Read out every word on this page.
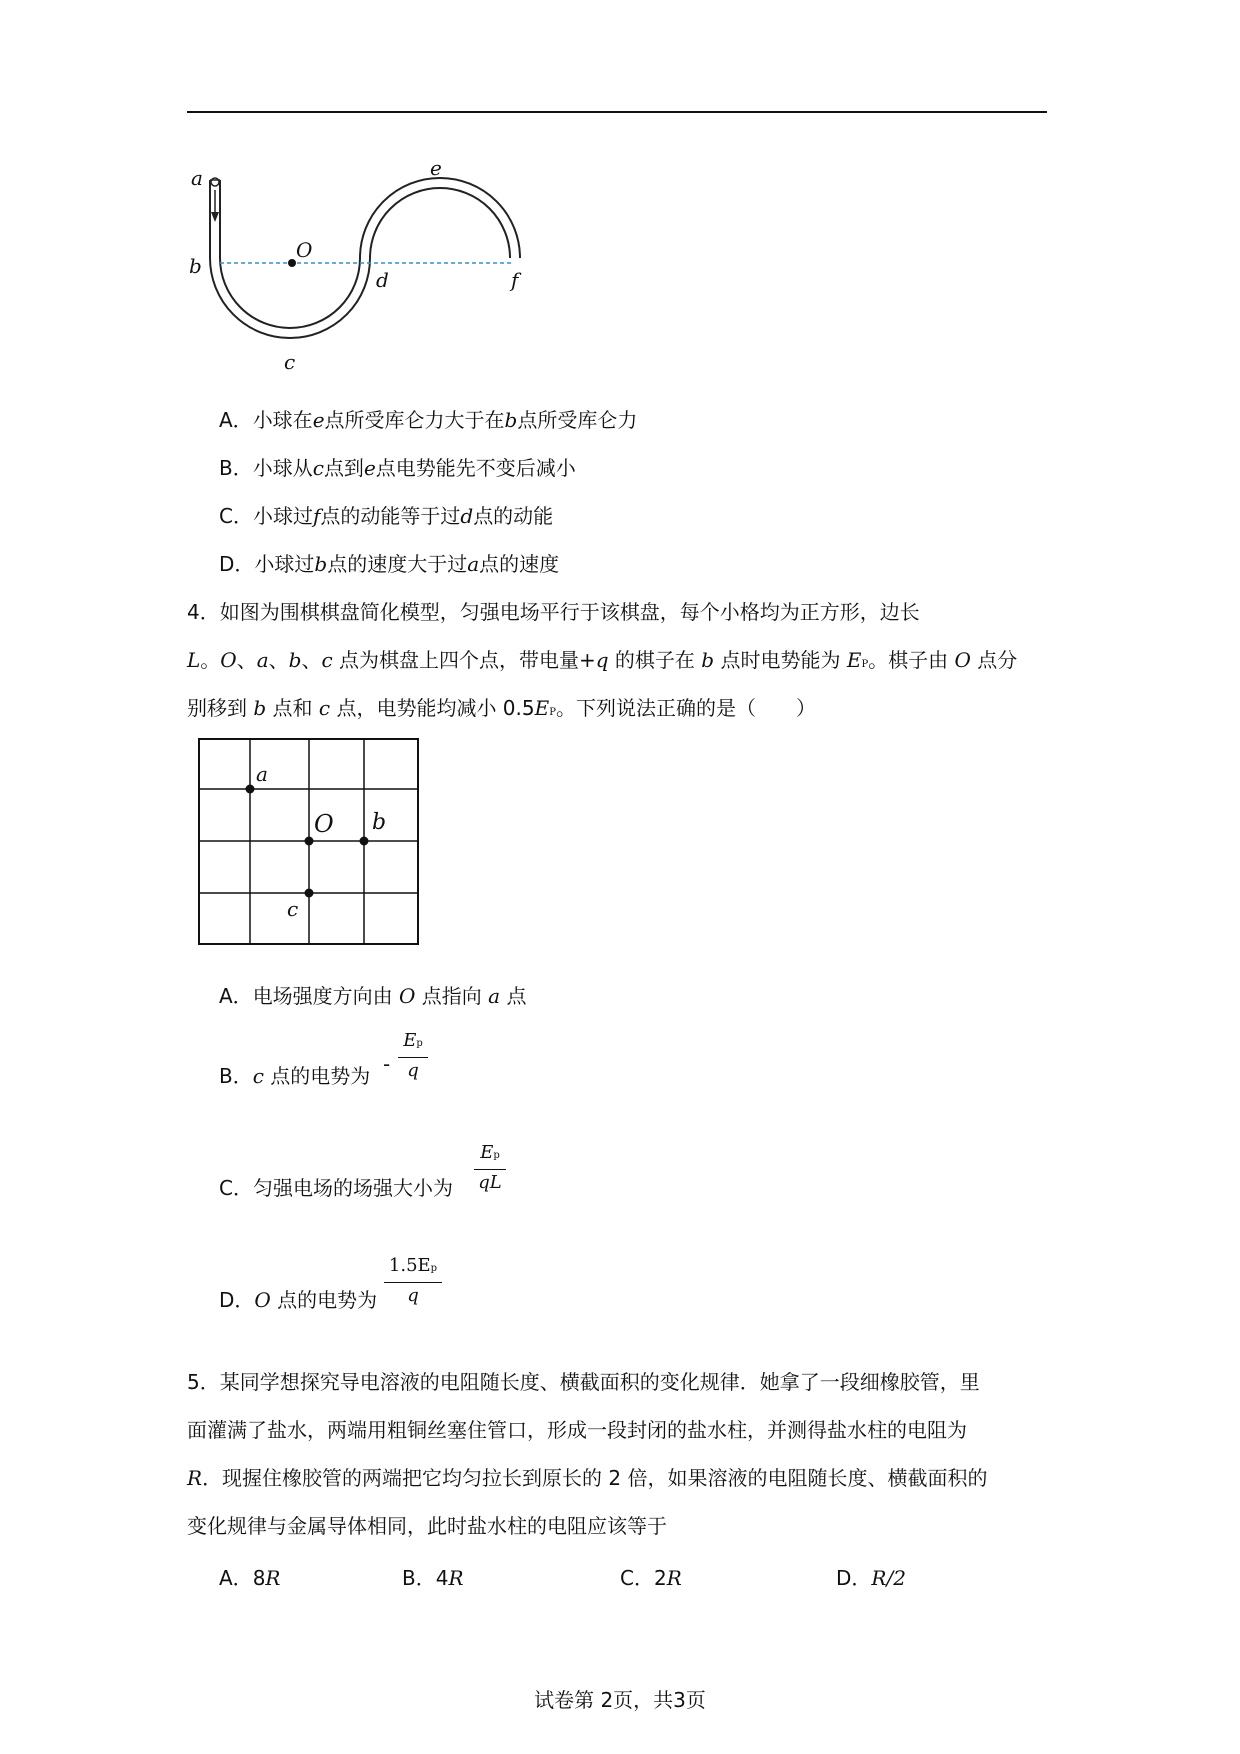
a
b
c
d
e
f
O
A．小球在e点所受库仑力大于在b点所受库仑力
B．小球从c点到e点电势能先不变后减小
C．小球过f点的动能等于过d点的动能
D．小球过b点的速度大于过a点的速度
4．如图为围棋棋盘简化模型，匀强电场平行于该棋盘，每个小格均为正方形，边长
L。O、a、b、c 点为棋盘上四个点，带电量+q 的棋子在 b 点时电势能为 EP。棋子由 O 点分
别移到 b 点和 c 点，电势能均减小 0.5EP。下列说法正确的是（　　）
a
O b
c
A．电场强度方向由 O 点指向 a 点
B．c 点的电势为 -
Ep
q
C．匀强电场的场强大小为
Ep
qL
D．O 点的电势为
1.5Ep
q
5．某同学想探究导电溶液的电阻随长度、横截面积的变化规律．她拿了一段细橡胶管，里
面灌满了盐水，两端用粗铜丝塞住管口，形成一段封闭的盐水柱，并测得盐水柱的电阻为
R．现握住橡胶管的两端把它均匀拉长到原长的 2 倍，如果溶液的电阻随长度、横截面积的
变化规律与金属导体相同，此时盐水柱的电阻应该等于
A．8R	B．4R	C．2R	D．R/2
试卷第 2页，共3页
